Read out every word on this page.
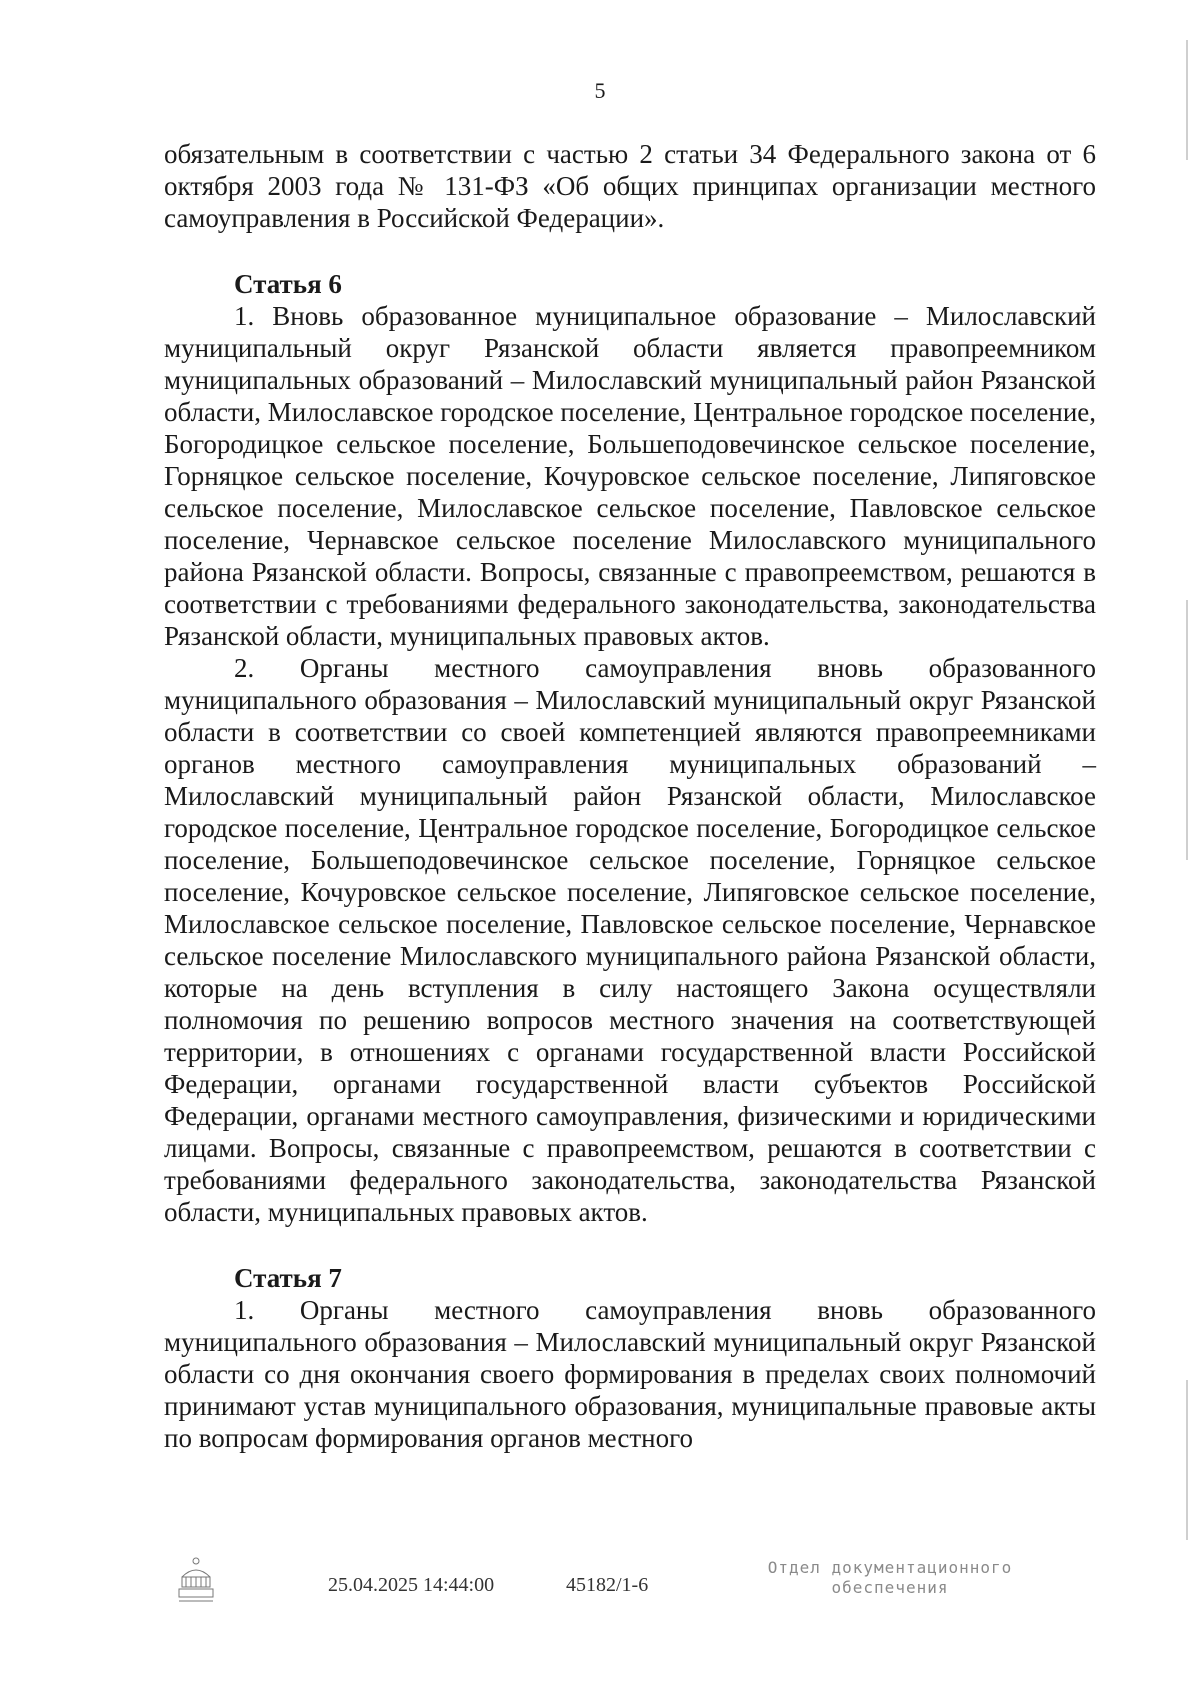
5

обязательным в соответствии с частью 2 статьи 34 Федерального закона от 6 октября 2003 года № 131-ФЗ «Об общих принципах организации местного самоуправления в Российской Федерации».

Статья 6

1. Вновь образованное муниципальное образование – Милославский муниципальный округ Рязанской области является правопреемником муниципальных образований – Милославский муниципальный район Рязанской области, Милославское городское поселение, Центральное городское поселение, Богородицкое сельское поселение, Большеподовечинское сельское поселение, Горняцкое сельское поселение, Кочуровское сельское поселение, Липяговское сельское поселение, Милославское сельское поселение, Павловское сельское поселение, Чернавское сельское поселение Милославского муниципального района Рязанской области. Вопросы, связанные с правопреемством, решаются в соответствии с требованиями федерального законодательства, законодательства Рязанской области, муниципальных правовых актов.

2. Органы местного самоуправления вновь образованного муниципального образования – Милославский муниципальный округ Рязанской области в соответствии со своей компетенцией являются правопреемниками органов местного самоуправления муниципальных образований – Милославский муниципальный район Рязанской области, Милославское городское поселение, Центральное городское поселение, Богородицкое сельское поселение, Большеподовечинское сельское поселение, Горняцкое сельское поселение, Кочуровское сельское поселение, Липяговское сельское поселение, Милославское сельское поселение, Павловское сельское поселение, Чернавское сельское поселение Милославского муниципального района Рязанской области, которые на день вступления в силу настоящего Закона осуществляли полномочия по решению вопросов местного значения на соответствующей территории, в отношениях с органами государственной власти Российской Федерации, органами государственной власти субъектов Российской Федерации, органами местного самоуправления, физическими и юридическими лицами. Вопросы, связанные с правопреемством, решаются в соответствии с требованиями федерального законодательства, законодательства Рязанской области, муниципальных правовых актов.

Статья 7

1. Органы местного самоуправления вновь образованного муниципального образования – Милославский муниципальный округ Рязанской области со дня окончания своего формирования в пределах своих полномочий принимают устав муниципального образования, муниципальные правовые акты по вопросам формирования органов местного

25.04.2025 14:44:00	45182/1-6
Отдел документационного
обеспечения
